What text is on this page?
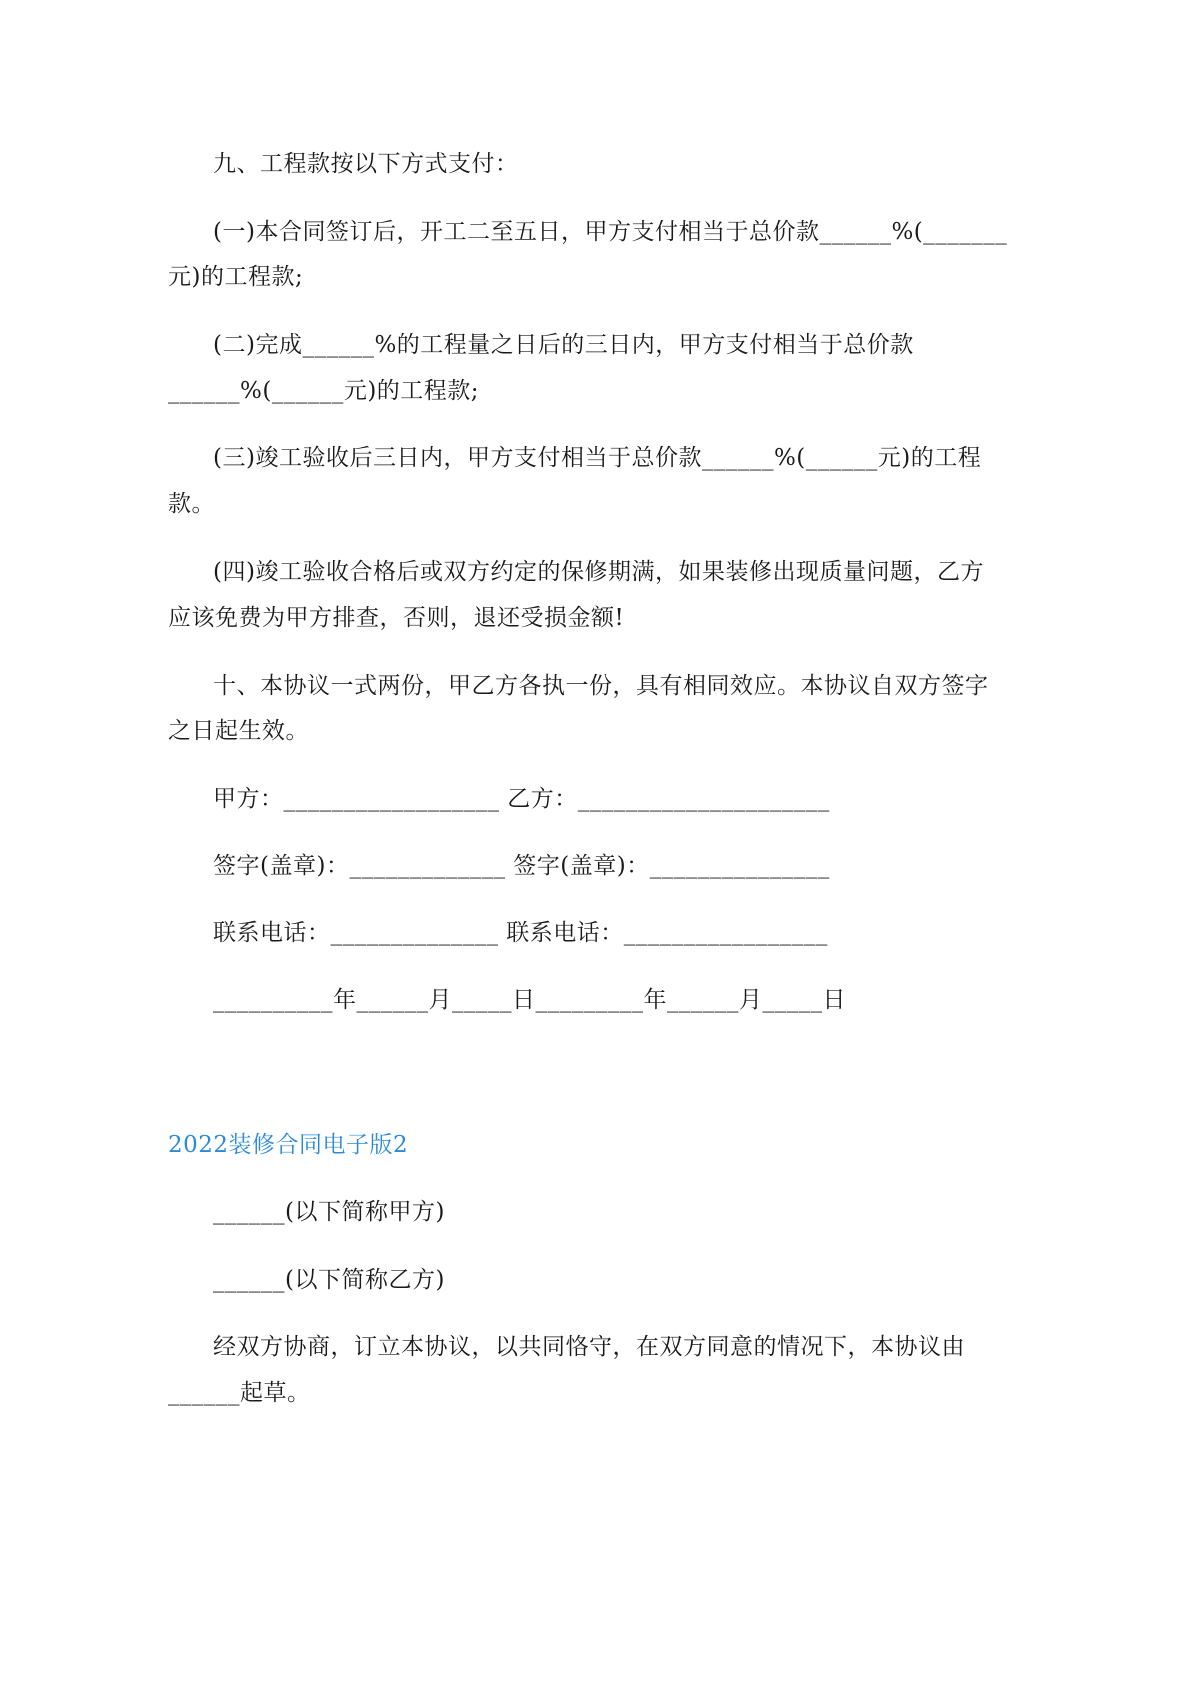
九、工程款按以下方式支付：
(一)本合同签订后，开工二至五日，甲方支付相当于总价款______%(_______
元)的工程款;
(二)完成______%的工程量之日后的三日内，甲方支付相当于总价款
______%(______元)的工程款;
(三)竣工验收后三日内，甲方支付相当于总价款______%(______元)的工程
款。
(四)竣工验收合格后或双方约定的保修期满，如果装修出现质量问题，乙方
应该免费为甲方排查，否则，退还受损金额!
十、本协议一式两份，甲乙方各执一份，具有相同效应。本协议自双方签字
之日起生效。
甲方：__________________ 乙方：_____________________
签字(盖章)：_____________ 签字(盖章)：_______________
联系电话：______________ 联系电话：_________________
__________年______月_____日_________年______月_____日
2022装修合同电子版2
______(以下简称甲方)
______(以下简称乙方)
经双方协商，订立本协议，以共同恪守，在双方同意的情况下，本协议由
______起草。
